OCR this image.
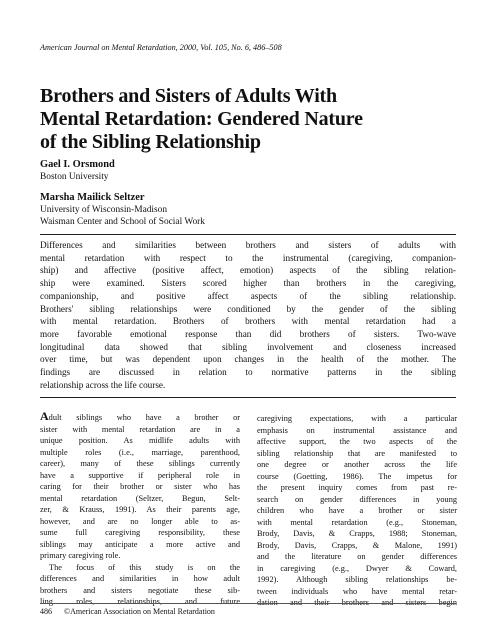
American Journal on Mental Retardation, 2000, Vol. 105, No. 6, 486–508
Brothers and Sisters of Adults With
Mental Retardation: Gendered Nature
of the Sibling Relationship
Gael I. Orsmond
Boston University
Marsha Mailick Seltzer
University of Wisconsin-Madison
Waisman Center and School of Social Work
Differences and similarities between brothers and sisters of adults with
mental retardation with respect to the instrumental (caregiving, companion-
ship) and affective (positive affect, emotion) aspects of the sibling relation-
ship were examined. Sisters scored higher than brothers in the caregiving,
companionship, and positive affect aspects of the sibling relationship.
Brothers' sibling relationships were conditioned by the gender of the sibling
with mental retardation. Brothers of brothers with mental retardation had a
more favorable emotional response than did brothers of sisters. Two-wave
longitudinal data showed that sibling involvement and closeness increased
over time, but was dependent upon changes in the health of the mother. The
findings are discussed in relation to normative patterns in the sibling
relationship across the life course.
Adult siblings who have a brother or
sister with mental retardation are in a
unique position. As midlife adults with
multiple roles (i.e., marriage, parenthood,
career), many of these siblings currently
have a supportive if peripheral role in
caring for their brother or sister who has
mental retardation (Seltzer, Begun, Selt-
zer, & Krauss, 1991). As their parents age,
however, and are no longer able to as-
sume full caregiving responsibility, these
siblings may anticipate a more active and
primary caregiving role.
The focus of this study is on the
differences and similarities in how adult
brothers and sisters negotiate these sib-
ling roles, relationships, and future
caregiving expectations, with a particular
emphasis on instrumental assistance and
affective support, the two aspects of the
sibling relationship that are manifested to
one degree or another across the life
course (Goetting, 1986). The impetus for
the present inquiry comes from past re-
search on gender differences in young
children who have a brother or sister
with mental retardation (e.g., Stoneman,
Brody, Davis, & Crapps, 1988; Stoneman,
Brody, Davis, Crapps, & Malone, 1991)
and the literature on gender differences
in caregiving (e.g., Dwyer & Coward,
1992). Although sibling relationships be-
tween individuals who have mental retar-
dation and their brothers and sisters begin
486 ©American Association on Mental Retardation
